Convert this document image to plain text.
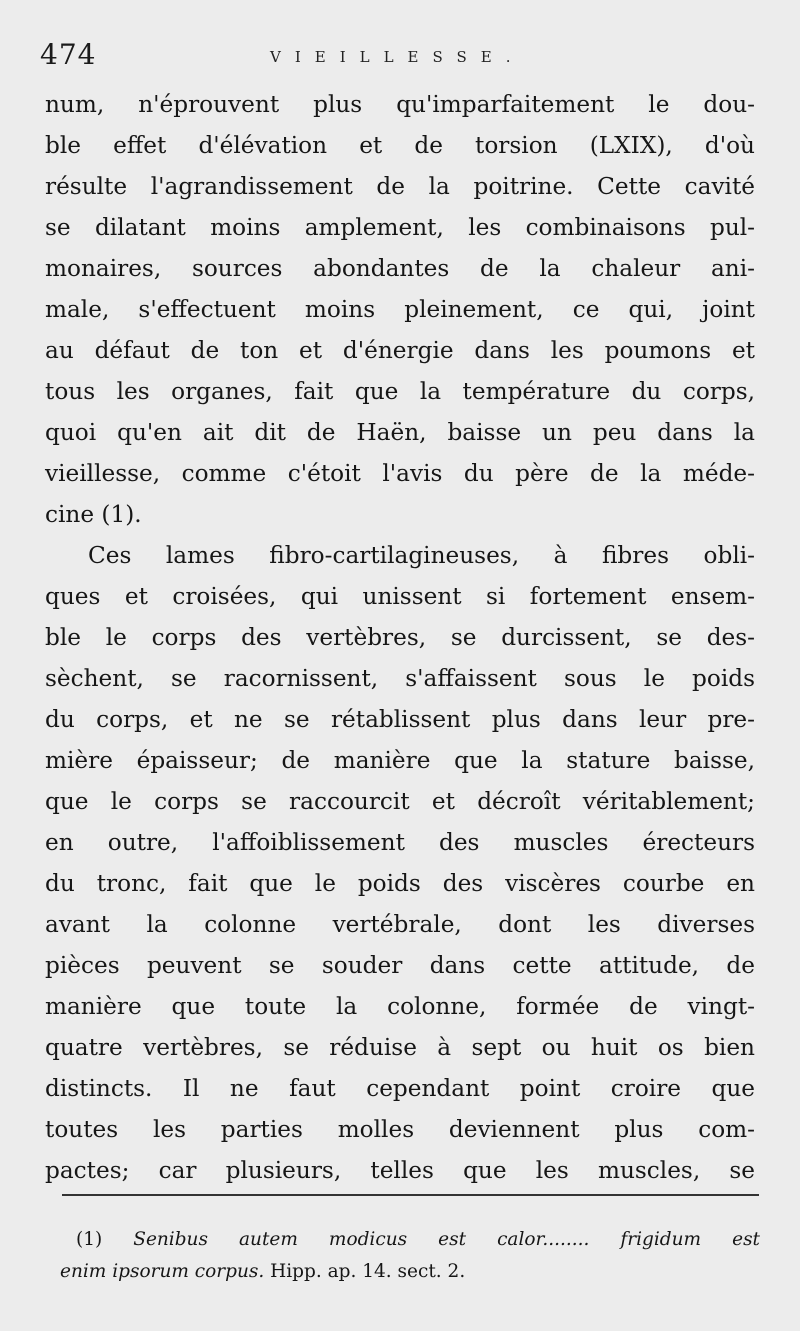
474	VIEILLESSE.
num, n'éprouvent plus qu'imparfaitement le dou-
ble effet d'élévation et de torsion (LXIX), d'où
résulte l'agrandissement de la poitrine. Cette cavité
se dilatant moins amplement, les combinaisons pul-
monaires, sources abondantes de la chaleur ani-
male, s'effectuent moins pleinement, ce qui, joint
au défaut de ton et d'énergie dans les poumons et
tous les organes, fait que la température du corps,
quoi qu'en ait dit de Haën, baisse un peu dans la
vieillesse, comme c'étoit l'avis du père de la méde-
cine (1).
Ces lames fibro-cartilagineuses, à fibres obli-
ques et croisées, qui unissent si fortement ensem-
ble le corps des vertèbres, se durcissent, se des-
sèchent, se racornissent, s'affaissent sous le poids
du corps, et ne se rétablissent plus dans leur pre-
mière épaisseur; de manière que la stature baisse,
que le corps se raccourcit et décroît véritablement;
en outre, l'affoiblissement des muscles érecteurs
du tronc, fait que le poids des viscères courbe en
avant la colonne vertébrale, dont les diverses
pièces peuvent se souder dans cette attitude, de
manière que toute la colonne, formée de vingt-
quatre vertèbres, se réduise à sept ou huit os bien
distincts. Il ne faut cependant point croire que
toutes les parties molles deviennent plus com-
pactes; car plusieurs, telles que les muscles, se
(1) Senibus autem modicus est calor........ frigidum est
enim ipsorum corpus. Hipp. ap. 14. sect. 2.
